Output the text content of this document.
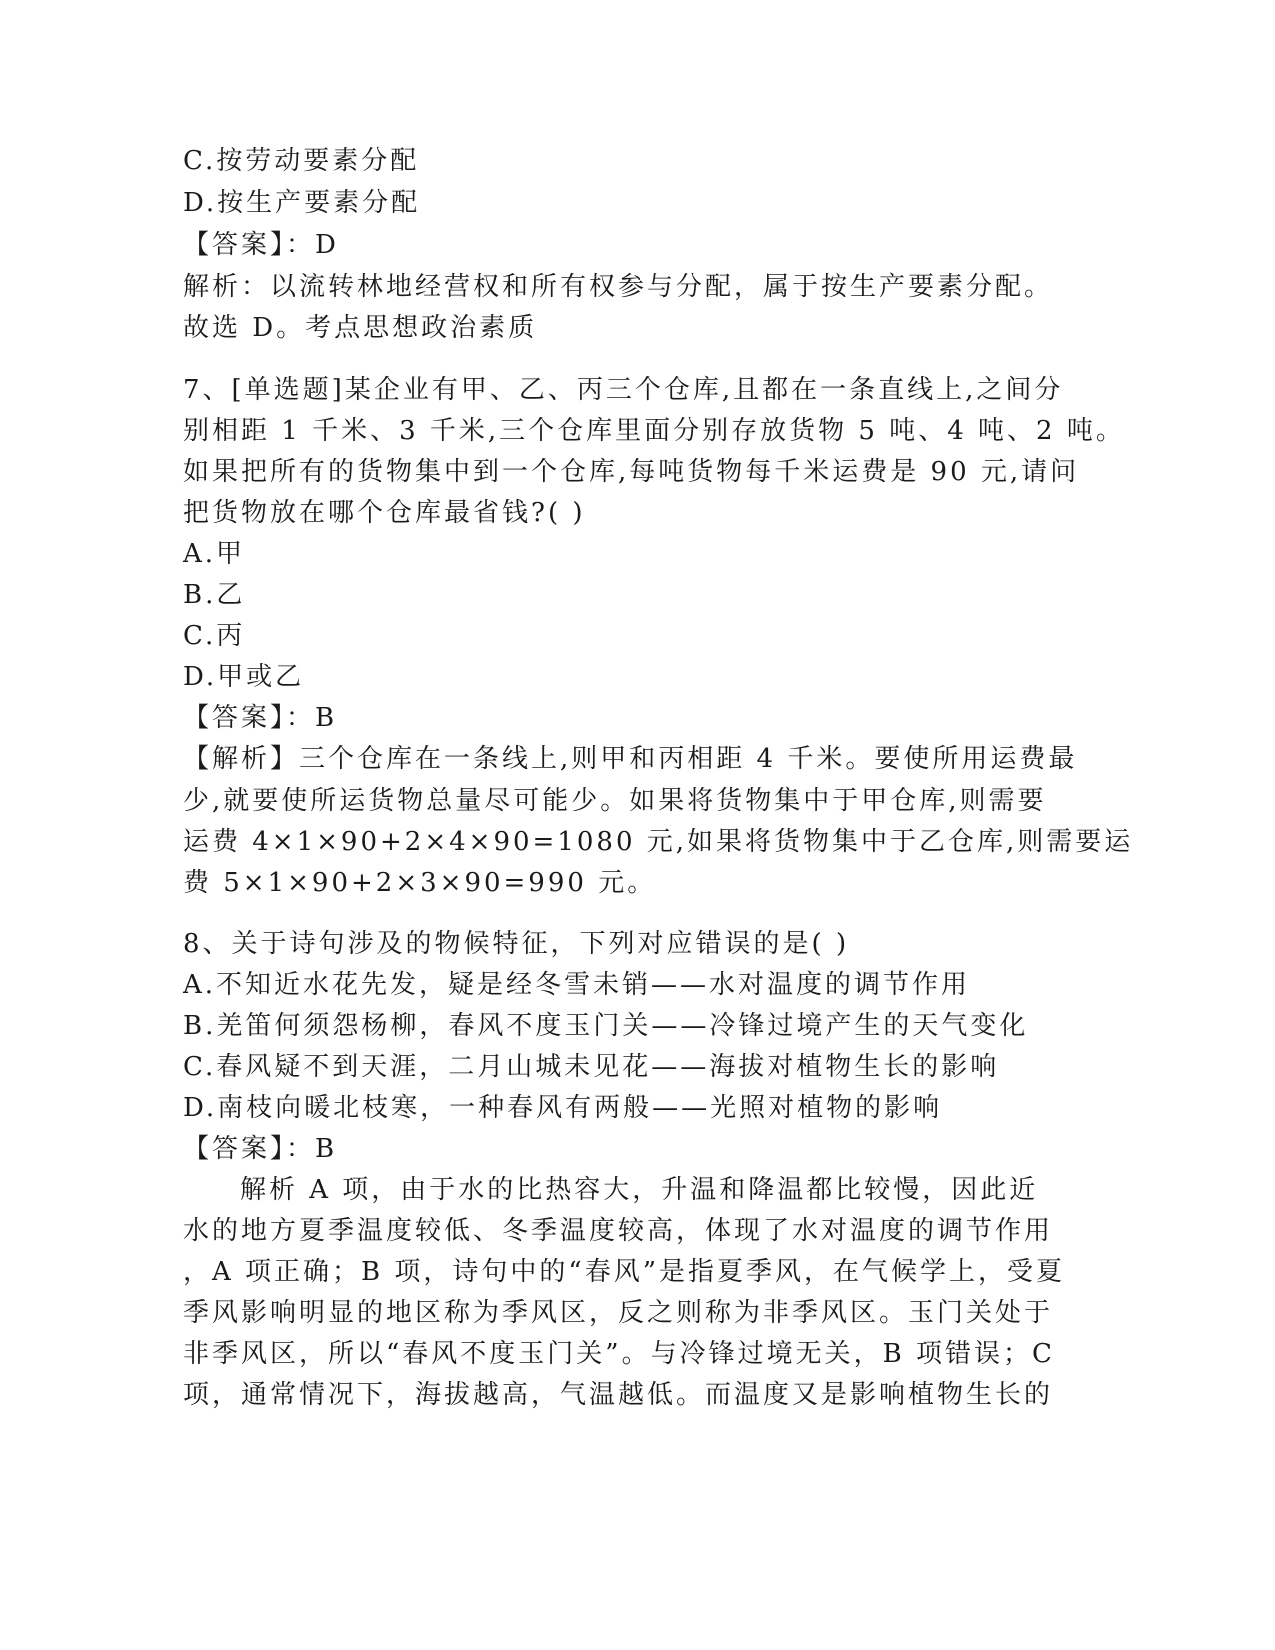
C.按劳动要素分配
D.按生产要素分配
【答案】：D
解析：以流转林地经营权和所有权参与分配，属于按生产要素分配。
故选 D。考点思想政治素质
7、[单选题]某企业有甲、乙、丙三个仓库,且都在一条直线上,之间分
别相距 1 千米、3 千米,三个仓库里面分别存放货物 5 吨、4 吨、2 吨。
如果把所有的货物集中到一个仓库,每吨货物每千米运费是 90 元,请问
把货物放在哪个仓库最省钱?( )
A.甲
B.乙
C.丙
D.甲或乙
【答案】：B
【解析】三个仓库在一条线上,则甲和丙相距 4 千米。要使所用运费最
少,就要使所运货物总量尽可能少。如果将货物集中于甲仓库,则需要
运费 4×1×90+2×4×90=1080 元,如果将货物集中于乙仓库,则需要运
费 5×1×90+2×3×90=990 元。
8、关于诗句涉及的物候特征，下列对应错误的是( )
A.不知近水花先发，疑是经冬雪未销——水对温度的调节作用
B.羌笛何须怨杨柳，春风不度玉门关——冷锋过境产生的天气变化
C.春风疑不到天涯，二月山城未见花——海拔对植物生长的影响
D.南枝向暖北枝寒，一种春风有两般——光照对植物的影响
【答案】：B
解析 A 项，由于水的比热容大，升温和降温都比较慢，因此近
水的地方夏季温度较低、冬季温度较高，体现了水对温度的调节作用
，A 项正确；B 项，诗句中的“春风”是指夏季风，在气候学上，受夏
季风影响明显的地区称为季风区，反之则称为非季风区。玉门关处于
非季风区，所以“春风不度玉门关”。与冷锋过境无关，B 项错误；C
项，通常情况下，海拔越高，气温越低。而温度又是影响植物生长的
